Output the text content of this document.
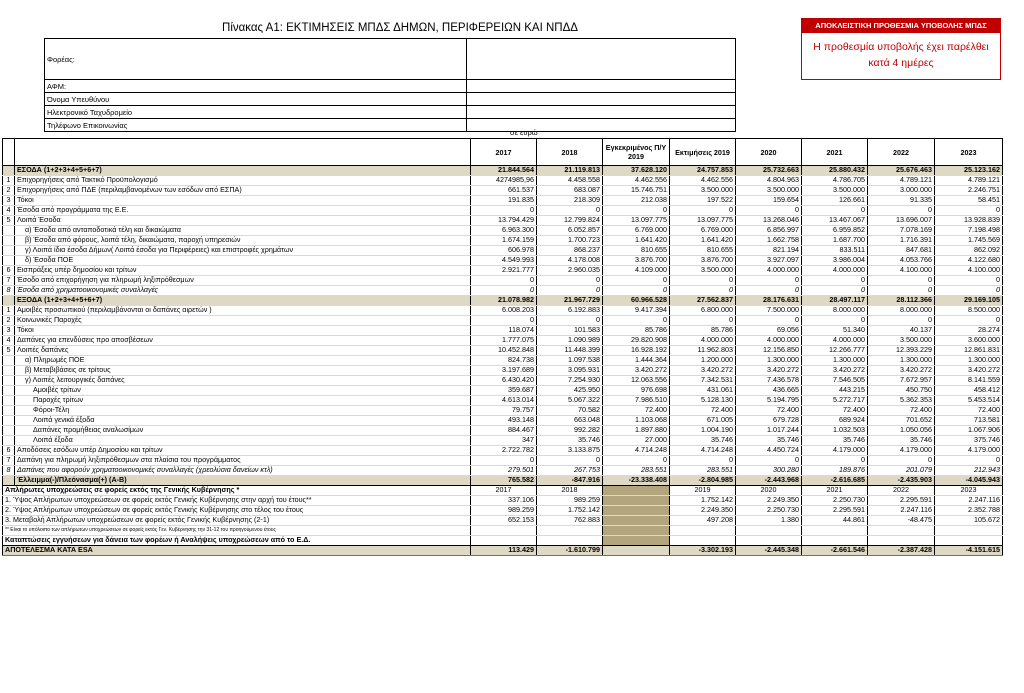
Πίνακας Α1: ΕΚΤΙΜΗΣΕΙΣ ΜΠΔΣ ΔΗΜΩΝ, ΠΕΡΙΦΕΡΕΙΩΝ ΚΑΙ ΝΠΔΔ	ΑΠΟΚΛΕΙΣΤΙΚΗ ΠΡΟΘΕΣΜΙΑ ΥΠΟΒΟΛΗΣ ΜΠΔΣ
Η προθεσμία υποβολής έχει παρέλθει κατά 4 ημέρες
Φορέας:	
ΑΦΜ:	
Όνομα Υπευθύνου	
Ηλεκτρονικό Ταχυδρομείο	
Τηλέφωνο Επικοινωνίας	
σε ευρώ
		2017	2018	Εγκεκριμένος Π/Υ 2019	Εκτιμήσεις 2019	2020	2021	2022	2023
	ΕΣΟΔΑ (1+2+3+4+5+6+7)	21.844.564	21.119.813	37.628.120	24.757.853	25.732.663	25.880.432	25.676.463	25.123.162
1	Επιχορηγήσεις από Τακτικό Προϋπολογισμό	4274985,96	4.458.558	4.462.556	4.462.556	4.804.963	4.786.705	4.789.121	4.789.121
2	Επιχορηγήσεις από ΠΔΕ (περιλαμβανομένων των εσόδων από ΕΣΠΑ)	661.537	683.087	15.746.751	3.500.000	3.500.000	3.500.000	3.000.000	2.246.751
3	Τόκοι	191.835	218.309	212.038	197.522	159.654	126.661	91.335	58.451
4	Έσοδα από προγράμματα της Ε.Ε.	0	0	0	0	0	0	0	0
5	Λοιπά Έσοδα	13.794.429	12.799.824	13.097.775	13.097.775	13.268.046	13.467.067	13.696.007	13.928.839
	α) Έσοδα από ανταποδοτικά τέλη και δικαιώματα	6.963.300	6.052.857	6.769.000	6.769.000	6.856.997	6.959.852	7.078.169	7.198.498
	β) Έσοδα από φόρους, λοιπά τέλη, δικαιώματα, παροχή υπηρεσιών	1.674.159	1.700.723	1.641.420	1.641.420	1.662.758	1.687.700	1.716.391	1.745.569
	γ) Λοιπά ίδια έσοδα Δήμων( Λοιπά έσοδα για Περιφέρειες) και επιστροφές χρημάτων	606.978	868.237	810.655	810.655	821.194	833.511	847.681	862.092
	δ) Έσοδα ΠΟΕ	4.549.993	4.178.008	3.876.700	3.876.700	3.927.097	3.986.004	4.053.766	4.122.680
6	Εισπράξεις υπέρ δημοσίου και τρίτων	2.921.777	2.960.035	4.109.000	3.500.000	4.000.000	4.000.000	4.100.000	4.100.000
7	Έσοδο από επιχορήγηση για πληρωμή ληξιπρόθεσμων	0	0	0	0	0	0	0	0
8	Έσοδα από χρηματοοικονομικές συναλλαγές	0	0	0	0	0	0	0	0
	ΕΞΟΔΑ (1+2+3+4+5+6+7)	21.078.982	21.967.729	60.966.528	27.562.837	28.176.631	28.497.117	28.112.366	29.169.105
1	Αμοιβές προσωπικού (περιλαμβάνονται οι δαπάνες αιρετών )	6.008.203	6.192.883	9.417.394	6.800.000	7.500.000	8.000.000	8.000.000	8.500.000
2	Κοινωνικές Παροχές	0	0	0	0	0	0	0	0
3	Τόκοι	118.074	101.583	85.786	85.786	69.056	51.340	40.137	28.274
4	Δαπάνες για επενδύσεις προ αποσβέσεων	1.777.075	1.090.989	29.820.908	4.000.000	4.000.000	4.000.000	3.500.000	3.600.000
5	Λοιπές δαπάνες	10.452.848	11.448.399	16.928.192	11.962.803	12.156.850	12.266.777	12.393.229	12.861.831
	α) Πληρωμές ΠΟΕ	824.738	1.097.538	1.444.364	1.200.000	1.300.000	1.300.000	1.300.000	1.300.000
	β) Μεταβιβάσεις σε τρίτους	3.197.689	3.095.931	3.420.272	3.420.272	3.420.272	3.420.272	3.420.272	3.420.272
	γ) Λοιπές λειτουργικές δαπάνες	6.430.420	7.254.930	12.063.556	7.342.531	7.436.578	7.546.505	7.672.957	8.141.559
	Αμοιβές τρίτων	359.687	425.950	976.698	431.061	436.665	443.215	450.750	458.412
	Παροχές τρίτων	4.613.014	5.067.322	7.986.510	5.128.130	5.194.795	5.272.717	5.362.353	5.453.514
	Φόροι-Τέλη	79.757	70.582	72.400	72.400	72.400	72.400	72.400	72.400
	Λοιπά γενικά έξοδα	493.148	663.048	1.103.068	671.005	679.728	689.924	701.652	713.581
	Δαπάνες προμήθειας αναλωσίμων	884.467	992.282	1.897.880	1.004.190	1.017.244	1.032.503	1.050.056	1.067.906
	Λοιπά έξοδα	347	35.746	27.000	35.746	35.746	35.746	35.746	375.746
6	Αποδόσεις εσόδων υπέρ Δημοσίου και τρίτων	2.722.782	3.133.875	4.714.248	4.714.248	4.450.724	4.179.000	4.179.000	4.179.000
7	Δαπάνη για πληρωμή ληξιπρόθεσμων στα πλαίσια του προγράμματος	0	0	0	0	0	0	0	0
8	Δαπάνες που αφορούν χρηματοοικονομικές συναλλαγές (χρεολύσια δανείων κτλ)	279.501	267.753	283.551	283.551	300.280	189.876	201.079	212.943
	Έλλειμμα(-)/Πλεόνασμα(+) (Α-Β)	765.582	-847.916	-23.338.408	-2.804.985	-2.443.968	-2.616.685	-2.435.903	-4.045.943
Απλήρωτες υποχρεώσεις σε φορείς εκτός της Γενικής Κυβέρνησης *		2017	2018		2019	2020	2021	2022	2023
1. Ύψος Απλήρωτων υποχρεώσεων σε φορείς εκτός Γενικής Κυβέρνησης στην αρχή του έτους**		337.106	989.259		1.752.142	2.249.350	2.250.730	2.295.591	2.247.116
2. Ύψος Απλήρωτων υποχρεώσεων σε φορείς εκτός Γενικής Κυβέρνησης στο τέλος του έτους		989.259	1.752.142		2.249.350	2.250.730	2.295.591	2.247.116	2.352.788
3. Μεταβολή Απλήρωτων υποχρεώσεων σε φορείς εκτός Γενικής Κυβέρνησης (2-1)		652.153	762.883		497.208	1.380	44.861	-48.475	105.672
** Είναι το υπόλοιπο των απλήρωτων υποχρεώσεων σε φορείς εκτός Γεν. Κυβέρνησης την 31-12 του προηγούμενου έτους									
Καταπτώσεις εγγυήσεων για δάνεια των φορέων ή Αναλήψεις υποχρεώσεων από το Ε.Δ.									
ΑΠΟΤΕΛΕΣΜΑ ΚΑΤΑ ESA		113.429	-1.610.799		-3.302.193	-2.445.348	-2.661.546	-2.387.428	-4.151.615
